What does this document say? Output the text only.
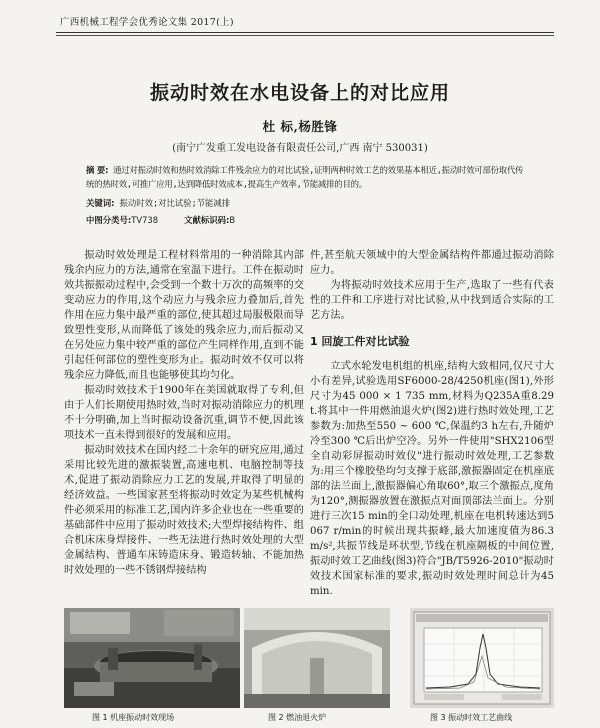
广西机械工程学会优秀论文集 2017(上)
振动时效在水电设备上的对比应用
杜 标,杨胜锋
(南宁广发重工发电设备有限责任公司,广西 南宁 530031)
摘 要: 通过对振动时效和热时效消除工件残余应力的对比试验,证明两种时效工艺的效果基本相近,振动时效可部份取代传统的热时效,可推广应用,达到降低时效成本,提高生产效率,节能减排的目的。
关键词: 振动时效;对比试验;节能减排
中图分类号:TV738	文献标识码:B

振动时效处理是工程材料常用的一种消除其内部残余内应力的方法,通常在室温下进行。工件在振动时效共振振动过程中,会受到一个数十万次的高频率的交变动应力的作用,这个动应力与残余应力叠加后,首先作用在应力集中最严重的部位,使其超过局服极限而导致塑性变形,从而降低了该处的残余应力,而后振动又在另处应力集中较严重的部位产生同样作用,直到不能引起任何部位的塑性变形为止。振动时效不仅可以将残余应力降低,而且也能够使其均匀化。

振动时效技术于1900年在美国就取得了专利,但由于人们长期使用热时效,当时对振动消除应力的机理不十分明确,加上当时振动设备沉重,调节不便,因此该项技术一直未得到很好的发展和应用。

振动时效技术在国内经二十余年的研究应用,通过采用比较先进的激振装置,高速电机、电脑控制等技术,促进了振动消除应力工艺的发展,并取得了明显的经济效益。一些国家甚至将振动时效定为某些机械构件必须采用的标准工艺,国内许多企业也在一些重要的基础部件中应用了振动时效技术;大型焊接结构件、组合机床床身焊接件、一些无法进行热时效处理的大型金属结构、普通车床铸造床身、锻造转轴、不能加热时效处理的一些不锈钢焊接结构

件,甚至航天领域中的大型金属结构件都通过振动消除应力。

为将振动时效技术应用于生产,选取了一些有代表性的工件和工序进行对比试验,从中找到适合实际的工艺方法。

1 回旋工件对比试验

立式水轮发电机组的机座,结构大致相同,仅尺寸大小有差异,试验选用SF6000-28/4250机座(图1),外形尺寸为45 000 × 1 735 mm,材料为Q235A重8.29 t.将其中一件用燃油退火炉(图2)进行热时效处理,工艺参数为:加热至550 ~ 600 ℃,保温约3 h左右,升随炉冷至300 ℃后出炉空冷。另外一件使用"SHX2106型全自动彩屏振动时效仪"进行振动时效处理,工艺参数为:用三个橡胶垫均匀支撑于底部,激振器固定在机座底部的法兰面上,激振器偏心角取60°,取三个激振点,度角为120°,测振器放置在激振点对面顶部法兰面上。分别进行三次15 min的全口动处理,机座在电机转速达到5 067 r/min的时候出现共振峰,最大加速度值为86.3 m/s²,共振节线是环状型,节线在机座隔板的中间位置,振动时效工艺曲线(图3)符合"JB/T5926-2010"振动时效技术国家标准的要求,振动时效处理时间总计为45 min.

图 1 机座振动时效现场	图 2 燃油退火炉	图 3 振动时效工艺曲线
